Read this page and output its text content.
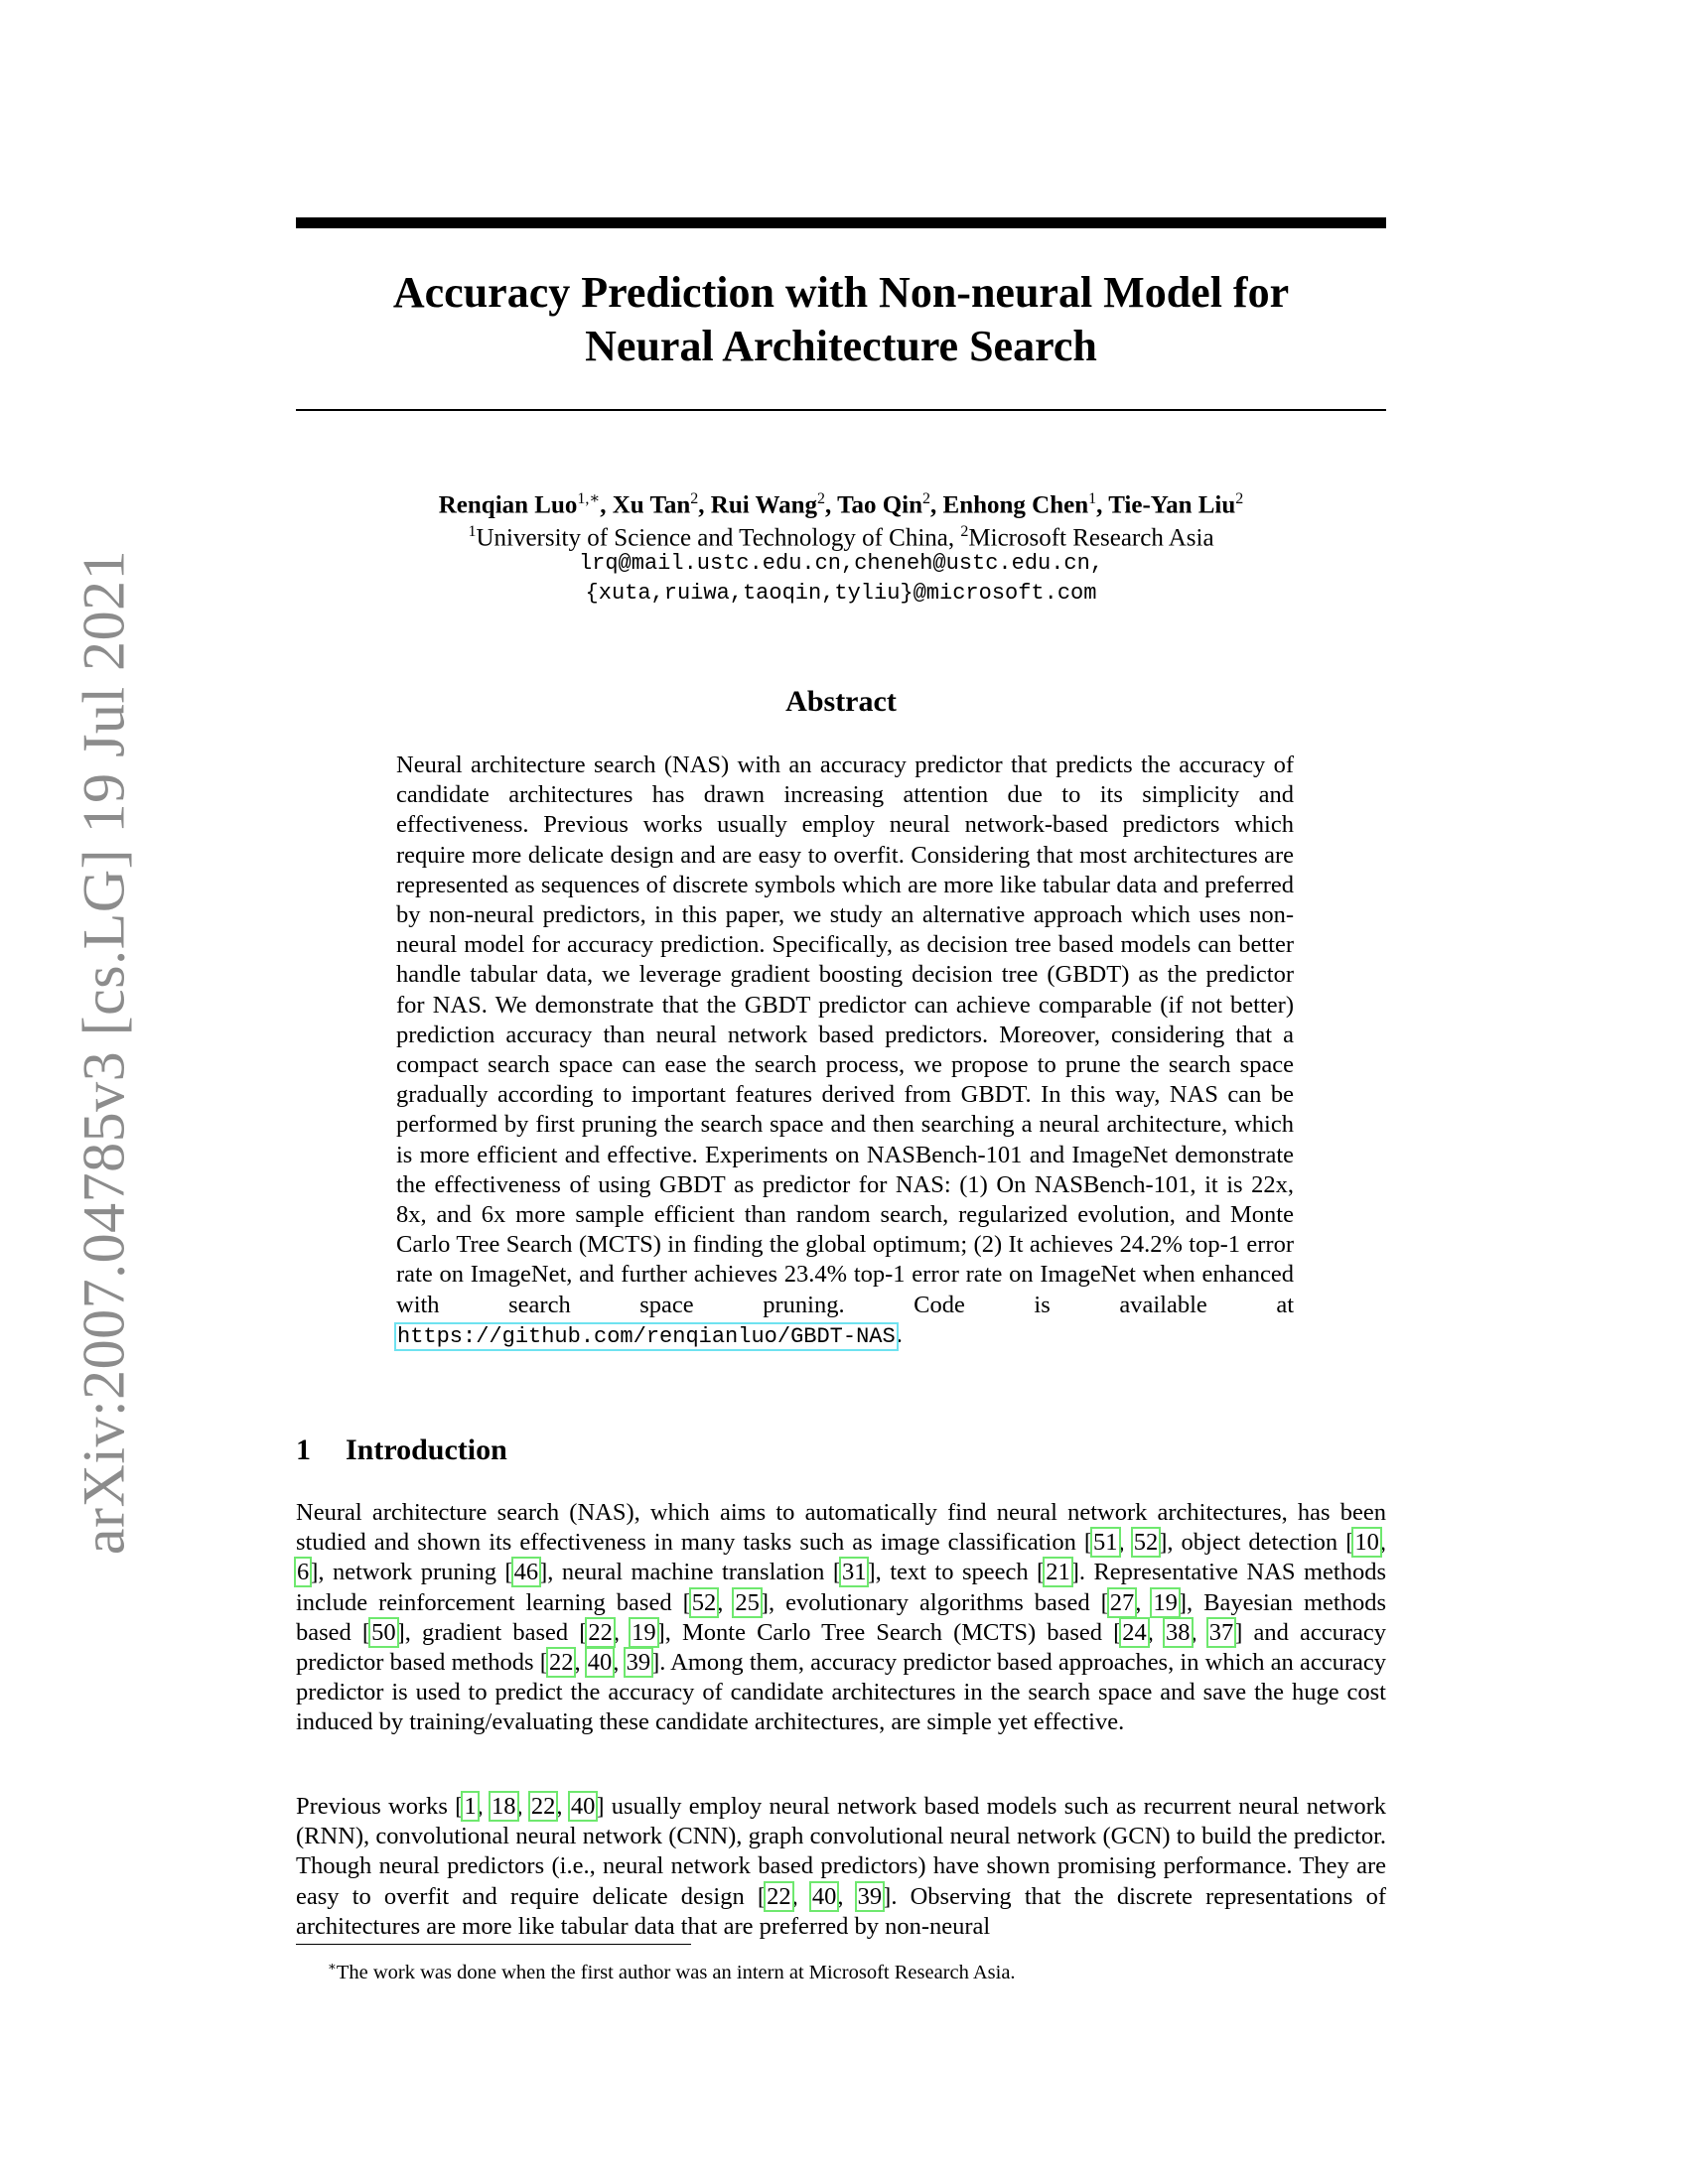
arXiv:2007.04785v3 [cs.LG] 19 Jul 2021
Accuracy Prediction with Non-neural Model for
Neural Architecture Search
Renqian Luo$^{1,∗}$, Xu Tan$^2$, Rui Wang$^2$, Tao Qin$^2$, Enhong Chen$^1$, Tie-Yan Liu$^2$
$^1$University of Science and Technology of China, $^2$Microsoft Research Asia
lrq@mail.ustc.edu.cn,cheneh@ustc.edu.cn,
{xuta,ruiwa,taoqin,tyliu}@microsoft.com
Abstract
Neural architecture search (NAS) with an accuracy predictor that predicts the accuracy of candidate architectures has drawn increasing attention due to its simplicity and effectiveness. Previous works usually employ neural network-based predictors which require more delicate design and are easy to overfit. Considering that most architectures are represented as sequences of discrete symbols which are more like tabular data and preferred by non-neural predictors, in this paper, we study an alternative approach which uses non-neural model for accuracy prediction. Specifically, as decision tree based models can better handle tabular data, we leverage gradient boosting decision tree (GBDT) as the predictor for NAS. We demonstrate that the GBDT predictor can achieve comparable (if not better) prediction accuracy than neural network based predictors. Moreover, considering that a compact search space can ease the search process, we propose to prune the search space gradually according to important features derived from GBDT. In this way, NAS can be performed by first pruning the search space and then searching a neural architecture, which is more efficient and effective. Experiments on NASBench-101 and ImageNet demonstrate the effectiveness of using GBDT as predictor for NAS: (1) On NASBench-101, it is 22x, 8x, and 6x more sample efficient than random search, regularized evolution, and Monte Carlo Tree Search (MCTS) in finding the global optimum; (2) It achieves 24.2% top-1 error rate on ImageNet, and further achieves 23.4% top-1 error rate on ImageNet when enhanced with search space pruning. Code is available at https://github.com/renqianluo/GBDT-NAS.
1 Introduction
Neural architecture search (NAS), which aims to automatically find neural network architectures, has been studied and shown its effectiveness in many tasks such as image classification [51, 52], object detection [10, 6], network pruning [46], neural machine translation [31], text to speech [21]. Representative NAS methods include reinforcement learning based [52, 25], evolutionary algorithms based [27, 19], Bayesian methods based [50], gradient based [22, 19], Monte Carlo Tree Search (MCTS) based [24, 38, 37] and accuracy predictor based methods [22, 40, 39]. Among them, accuracy predictor based approaches, in which an accuracy predictor is used to predict the accuracy of candidate architectures in the search space and save the huge cost induced by training/evaluating these candidate architectures, are simple yet effective.
Previous works [1, 18, 22, 40] usually employ neural network based models such as recurrent neural network (RNN), convolutional neural network (CNN), graph convolutional neural network (GCN) to build the predictor. Though neural predictors (i.e., neural network based predictors) have shown promising performance. They are easy to overfit and require delicate design [22, 40, 39]. Observing that the discrete representations of architectures are more like tabular data that are preferred by non-neural
∗The work was done when the first author was an intern at Microsoft Research Asia.
